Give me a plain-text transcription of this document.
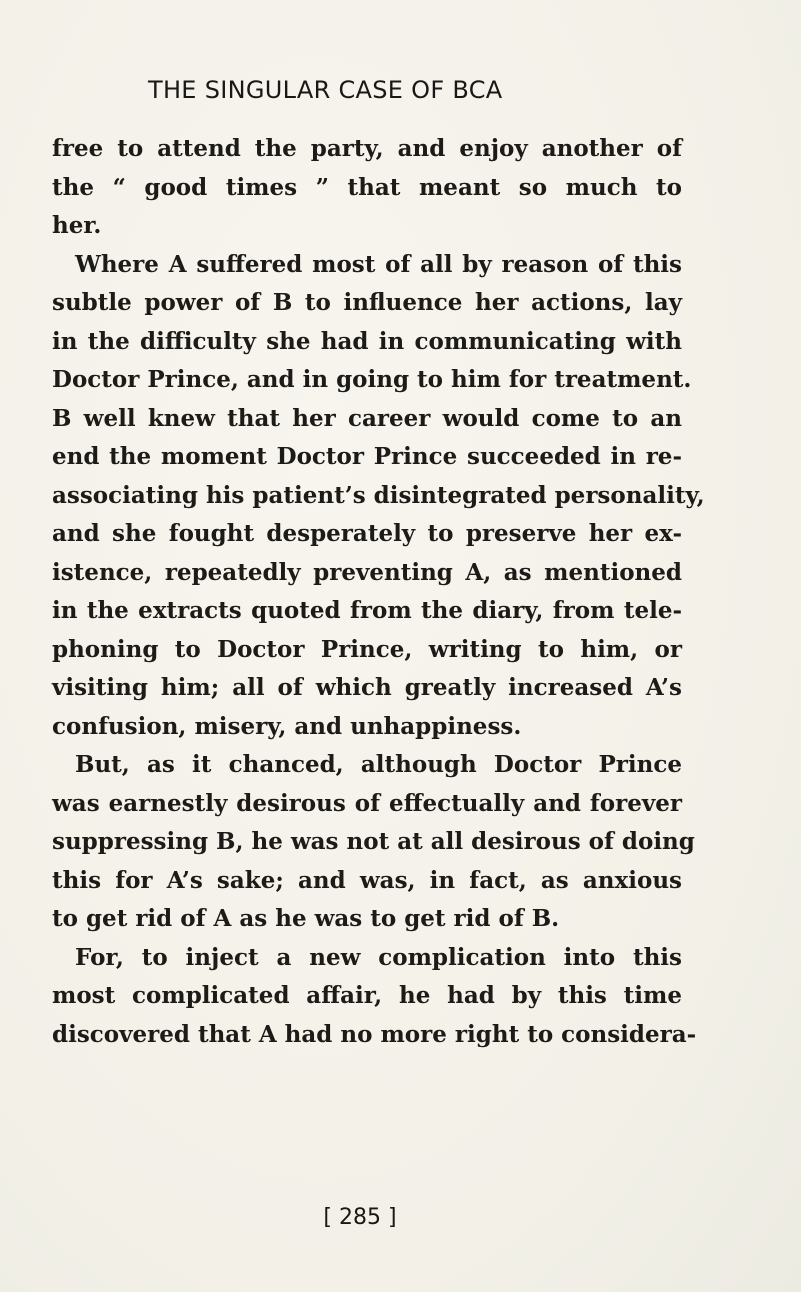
THE SINGULAR CASE OF BCA
free to attend the party, and enjoy another of
the “ good times ” that meant so much to
her.
Where A suffered most of all by reason of this
subtle power of B to influence her actions, lay
in the difficulty she had in communicating with
Doctor Prince, and in going to him for treatment.
B well knew that her career would come to an
end the moment Doctor Prince succeeded in re-
associating his patient’s disintegrated personality,
and she fought desperately to preserve her ex-
istence, repeatedly preventing A, as mentioned
in the extracts quoted from the diary, from tele-
phoning to Doctor Prince, writing to him, or
visiting him; all of which greatly increased A’s
confusion, misery, and unhappiness.
But, as it chanced, although Doctor Prince
was earnestly desirous of effectually and forever
suppressing B, he was not at all desirous of doing
this for A’s sake; and was, in fact, as anxious
to get rid of A as he was to get rid of B.
For, to inject a new complication into this
most complicated affair, he had by this time
discovered that A had no more right to considera-
[ 285 ]
